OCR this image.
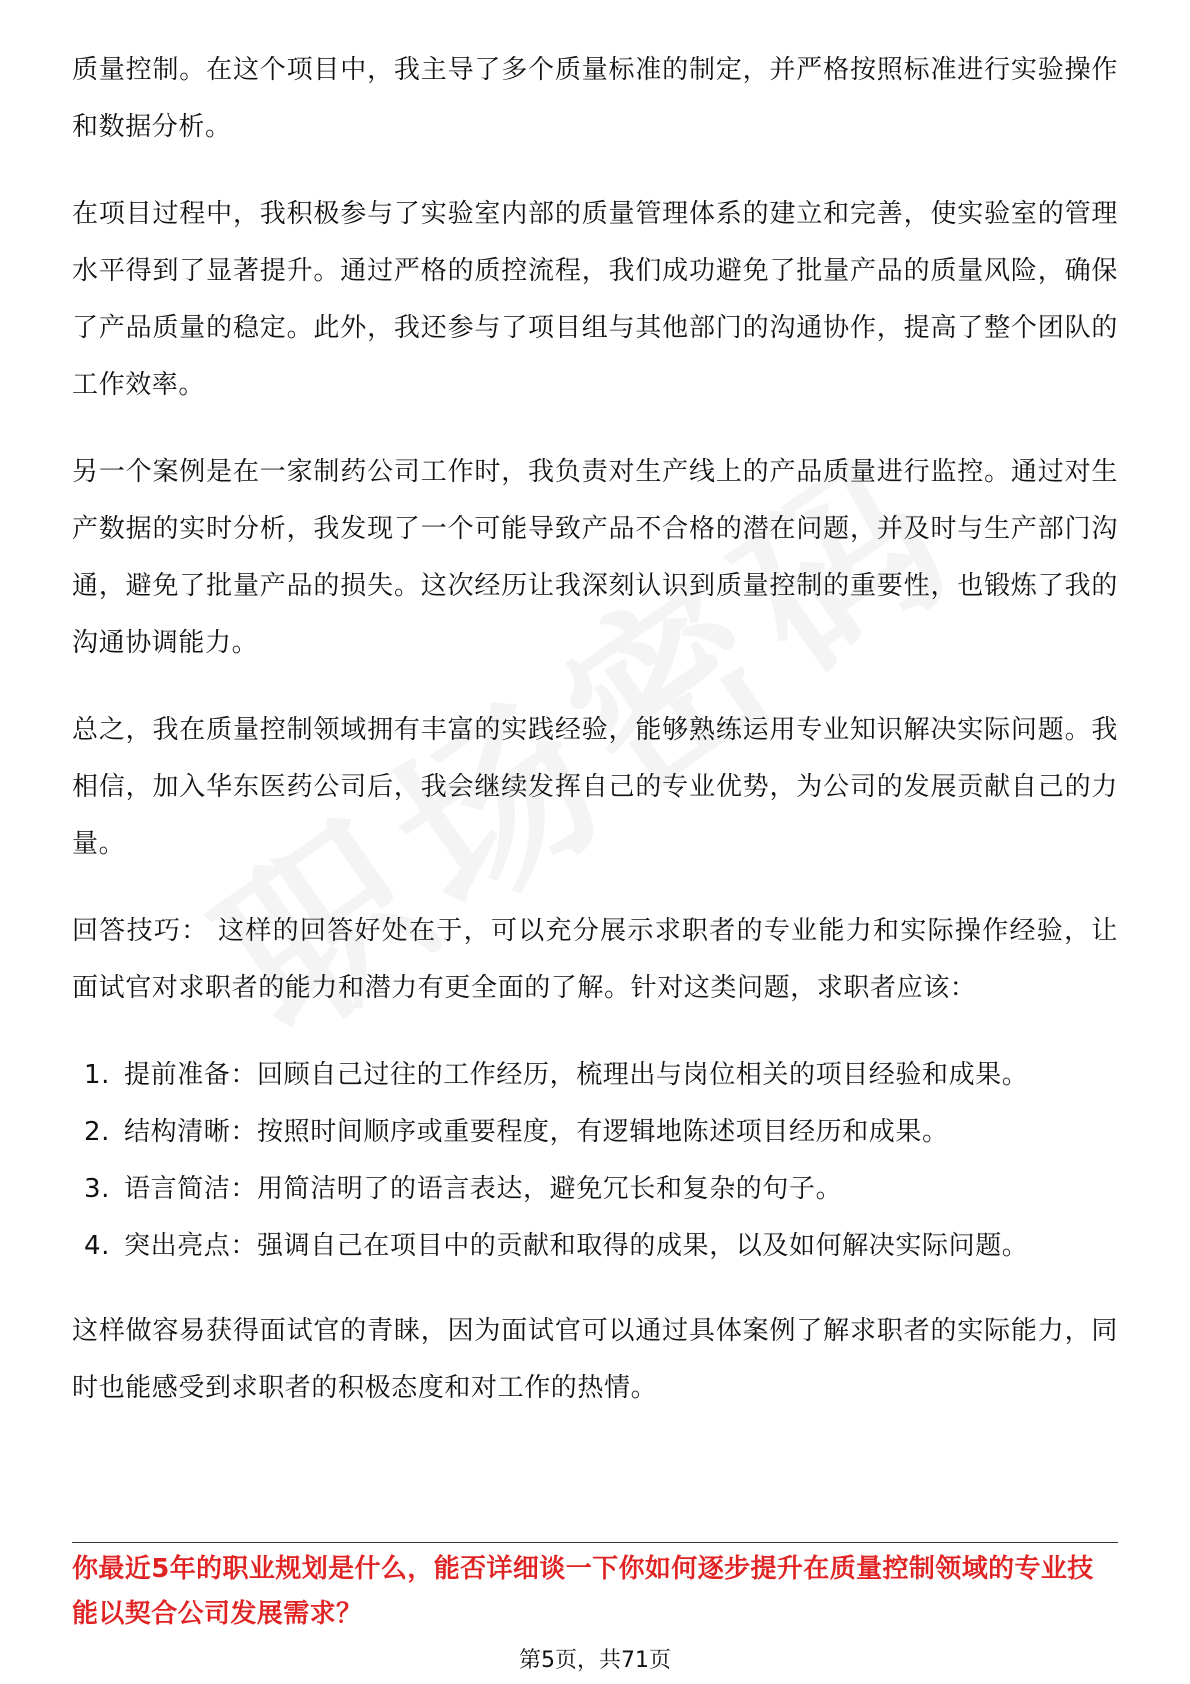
质量控制。在这个项目中，我主导了多个质量标准的制定，并严格按照标准进行实验操作和数据分析。

在项目过程中，我积极参与了实验室内部的质量管理体系的建立和完善，使实验室的管理水平得到了显著提升。通过严格的质控流程，我们成功避免了批量产品的质量风险，确保了产品质量的稳定。此外，我还参与了项目组与其他部门的沟通协作，提高了整个团队的工作效率。

另一个案例是在一家制药公司工作时，我负责对生产线上的产品质量进行监控。通过对生产数据的实时分析，我发现了一个可能导致产品不合格的潜在问题，并及时与生产部门沟通，避免了批量产品的损失。这次经历让我深刻认识到质量控制的重要性，也锻炼了我的沟通协调能力。

总之，我在质量控制领域拥有丰富的实践经验，能够熟练运用专业知识解决实际问题。我相信，加入华东医药公司后，我会继续发挥自己的专业优势，为公司的发展贡献自己的力量。

回答技巧： 这样的回答好处在于，可以充分展示求职者的专业能力和实际操作经验，让面试官对求职者的能力和潜力有更全面的了解。针对这类问题，求职者应该：

1. 提前准备：回顾自己过往的工作经历，梳理出与岗位相关的项目经验和成果。
2. 结构清晰：按照时间顺序或重要程度，有逻辑地陈述项目经历和成果。
3. 语言简洁：用简洁明了的语言表达，避免冗长和复杂的句子。
4. 突出亮点：强调自己在项目中的贡献和取得的成果，以及如何解决实际问题。

这样做容易获得面试官的青睐，因为面试官可以通过具体案例了解求职者的实际能力，同时也能感受到求职者的积极态度和对工作的热情。

你最近5年的职业规划是什么，能否详细谈一下你如何逐步提升在质量控制领域的专业技能以契合公司发展需求？
第5页，共71页
